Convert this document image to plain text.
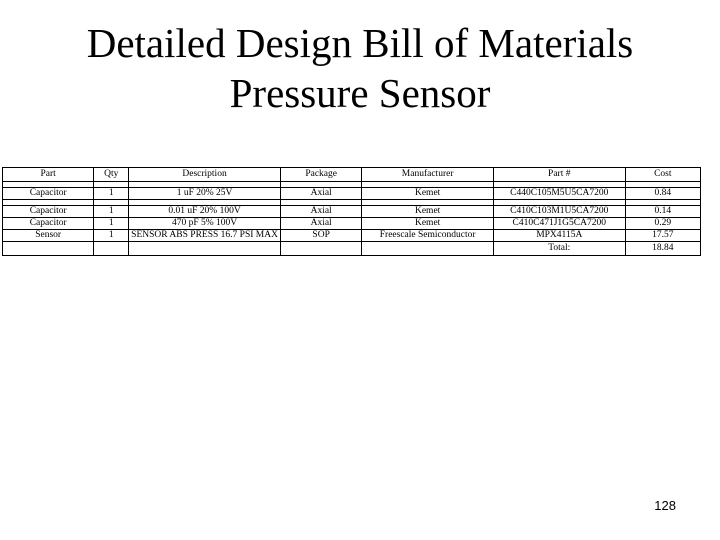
Detailed Design Bill of Materials
Pressure Sensor
Part	Qty	Description	Package	Manufacturer	Part #	Cost

Capacitor	1	1 uF 20% 25V	Axial	Kemet	C440C105M5U5CA7200	0.84

Capacitor	1	0.01 uF 20% 100V	Axial	Kemet	C410C103M1U5CA7200	0.14
Capacitor	1	470 pF 5% 100V	Axial	Kemet	C410C471J1G5CA7200	0.29
Sensor	1	SENSOR ABS PRESS 16.7 PSI MAX	SOP	Freescale Semiconductor	MPX4115A	17.57
					Total:	18.84
128
